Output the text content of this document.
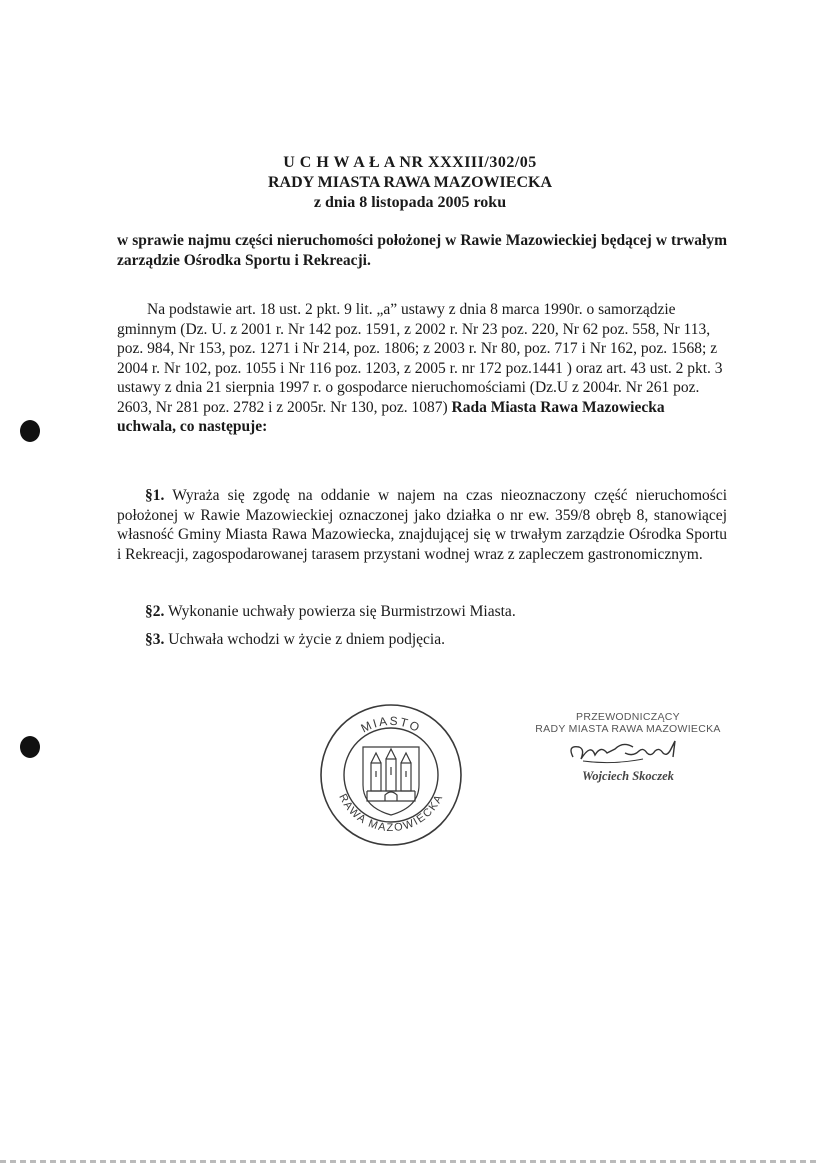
U C H W A Ł A NR XXXIII/302/05
RADY MIASTA RAWA MAZOWIECKA
z dnia 8 listopada 2005 roku
w sprawie najmu części nieruchomości położonej w Rawie Mazowieckiej będącej w trwałym zarządzie Ośrodka Sportu i Rekreacji.
Na podstawie art. 18 ust. 2 pkt. 9 lit. „a” ustawy z dnia 8 marca 1990r. o samorządzie gminnym (Dz. U. z 2001 r. Nr 142 poz. 1591, z 2002 r. Nr 23 poz. 220, Nr 62 poz. 558, Nr 113, poz. 984, Nr 153, poz. 1271 i Nr 214, poz. 1806; z 2003 r. Nr 80, poz. 717 i Nr 162, poz. 1568; z 2004 r. Nr 102, poz. 1055 i Nr 116 poz. 1203, z 2005 r. nr 172 poz.1441 ) oraz art. 43 ust. 2 pkt. 3 ustawy z dnia 21 sierpnia 1997 r. o gospodarce nieruchomościami (Dz.U z 2004r. Nr 261 poz. 2603, Nr 281 poz. 2782 i z 2005r. Nr 130, poz. 1087) Rada Miasta Rawa Mazowiecka uchwala, co następuje:
§1. Wyraża się zgodę na oddanie w najem na czas nieoznaczony część nieruchomości położonej w Rawie Mazowieckiej oznaczonej jako działka o nr ew. 359/8 obręb 8, stanowiącej własność Gminy Miasta Rawa Mazowiecka, znajdującej się w trwałym zarządzie Ośrodka Sportu i Rekreacji, zagospodarowanej tarasem przystani wodnej wraz z zapleczem gastronomicznym.
§2. Wykonanie uchwały powierza się Burmistrzowi Miasta.
§3. Uchwała wchodzi w życie z dniem podjęcia.
MIASTO
RAWA MAZOWIECKA
PRZEWODNICZĄCY
RADY MIASTA RAWA MAZOWIECKA
Wojciech Skoczek
